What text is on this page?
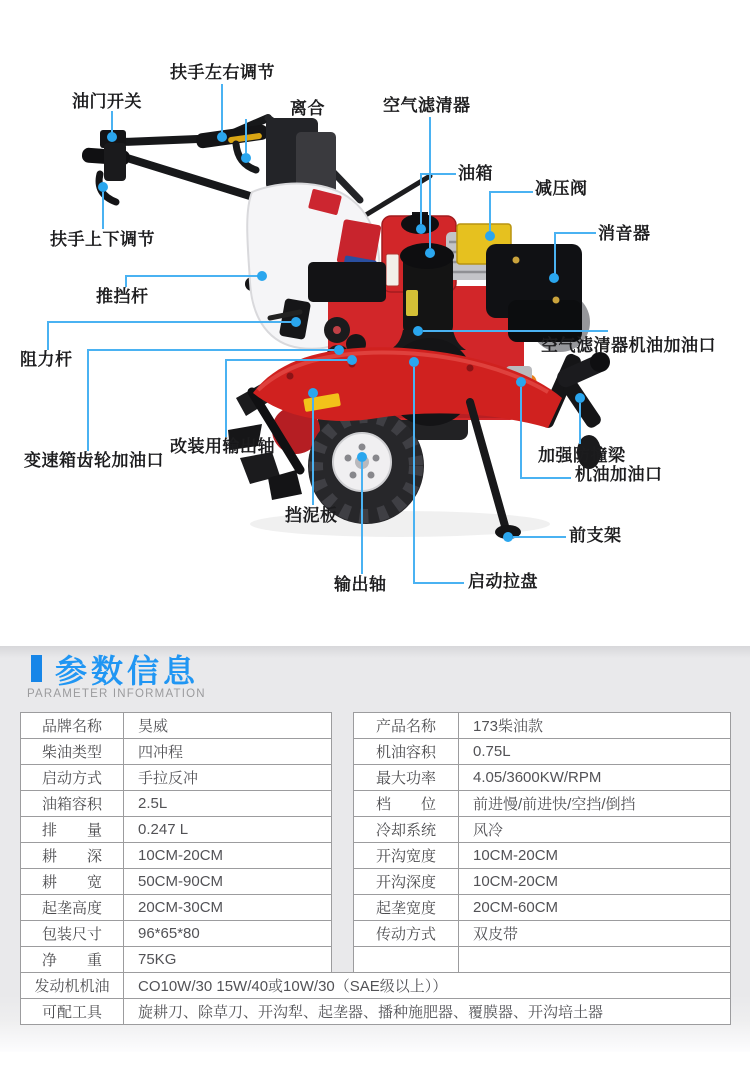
扶手左右调节
油门开关	离合
扶手上下调节
推挡杆
阻力杆
变速箱齿轮加油口
改装用输出轴
挡泥板
输出轴
空气滤清器
油箱
减压阀
消音器
空气滤清器机油加油口
加强防撞梁
机油加油口
前支架
启动拉盘
参数信息
PARAMETER INFORMATION
品牌名称	昊威
柴油类型	四冲程
启动方式	手拉反冲
油箱容积	2.5L
排　　量	0.247 L
耕　　深	10CM-20CM
耕　　宽	50CM-90CM
起垄高度	20CM-30CM
包装尺寸	96*65*80
净　　重	75KG
产品名称	173柴油款
机油容积	0.75L
最大功率	4.05/3600KW/RPM
档　　位	前进慢/前进快/空挡/倒挡
冷却系统	风冷
开沟宽度	10CM-20CM
开沟深度	10CM-20CM
起垄宽度	20CM-60CM
传动方式	双皮带

发动机机油	CO10W/30 15W/40或10W/30（SAE级以上））
可配工具	旋耕刀、除草刀、开沟犁、起垄器、播种施肥器、覆膜器、开沟培土器
